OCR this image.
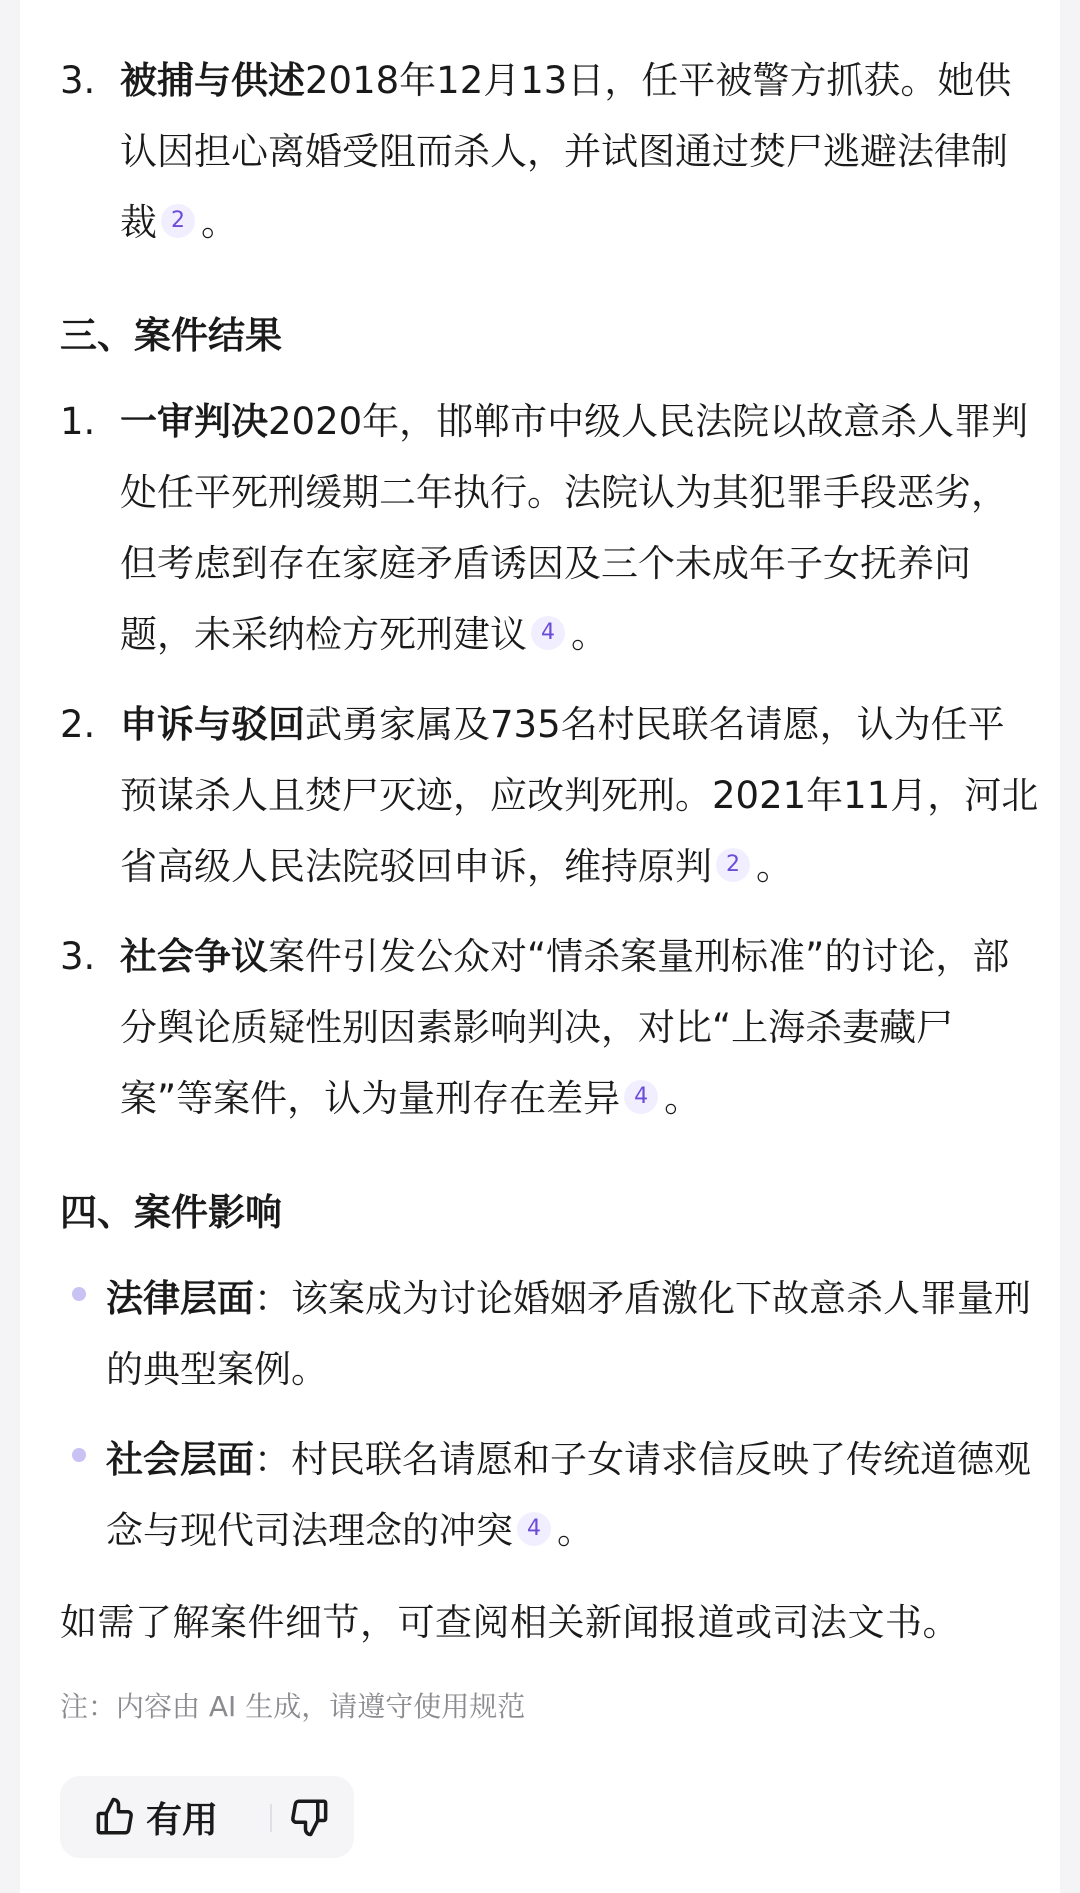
3. 被捕与供述2018年12月13日，任平被警方抓获。她供认因担心离婚受阻而杀人，并试图通过焚尸逃避法律制裁 2 。
三、案件结果
1. 一审判决2020年，邯郸市中级人民法院以故意杀人罪判处任平死刑缓期二年执行。法院认为其犯罪手段恶劣，但考虑到存在家庭矛盾诱因及三个未成年子女抚养问题，未采纳检方死刑建议 4 。
2. 申诉与驳回武勇家属及735名村民联名请愿，认为任平预谋杀人且焚尸灭迹，应改判死刑。2021年11月，河北省高级人民法院驳回申诉，维持原判 2 。
3. 社会争议案件引发公众对“情杀案量刑标准”的讨论，部分舆论质疑性别因素影响判决，对比“上海杀妻藏尸案”等案件，认为量刑存在差异 4 。
四、案件影响
法律层面：该案成为讨论婚姻矛盾激化下故意杀人罪量刑的典型案例。
社会层面：村民联名请愿和子女请求信反映了传统道德观念与现代司法理念的冲突 4 。
如需了解案件细节，可查阅相关新闻报道或司法文书。
注：内容由 AI 生成，请遵守使用规范
有用
